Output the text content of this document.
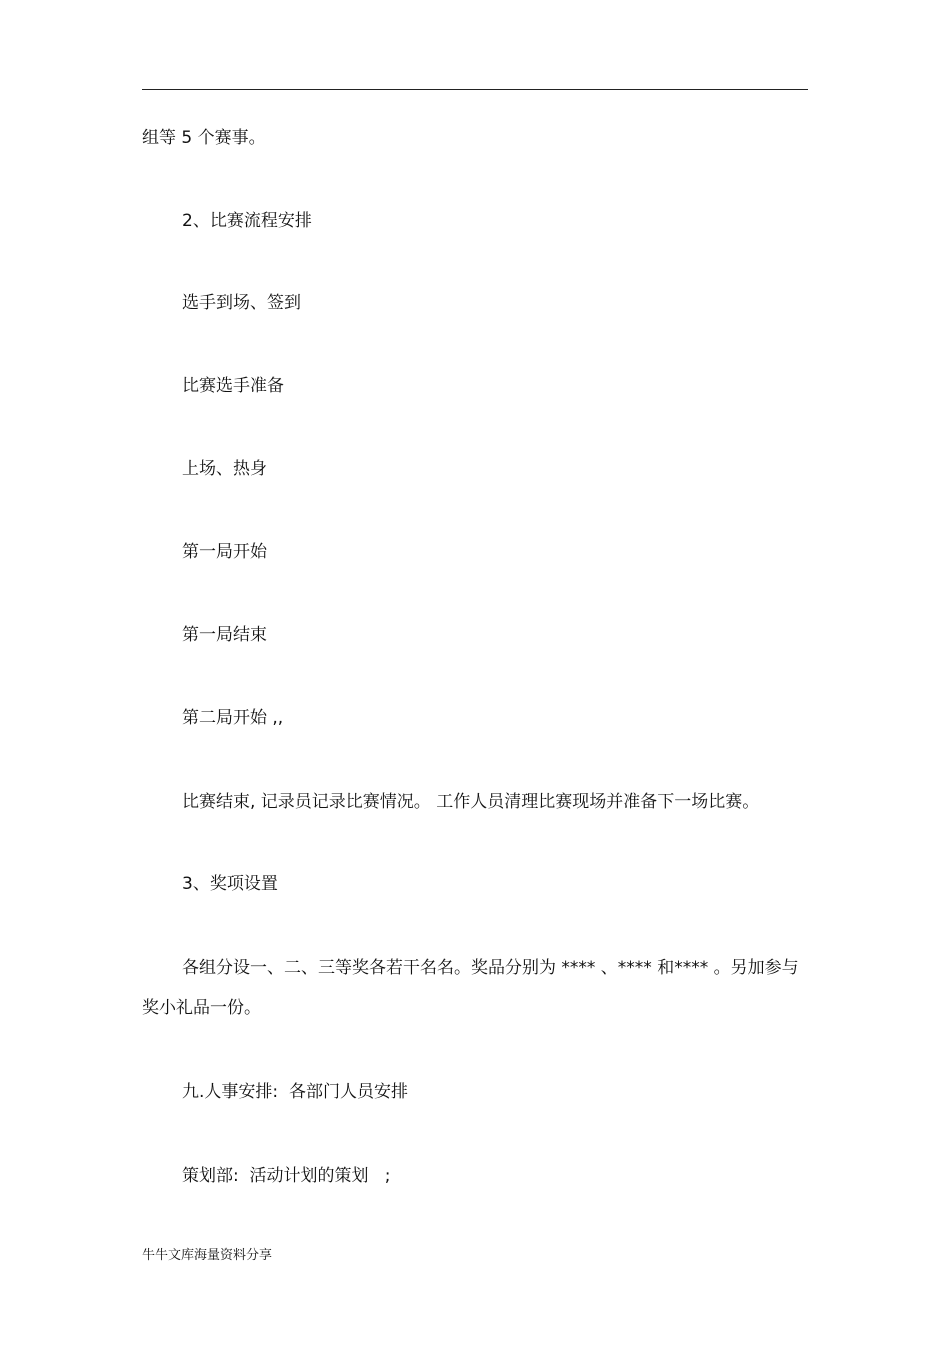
组等 5 个赛事。
2、比赛流程安排
选手到场、签到
比赛选手准备
上场、热身
第一局开始
第一局结束
第二局开始 ,,
比赛结束, 记录员记录比赛情况。 工作人员清理比赛现场并准备下一场比赛。
3、奖项设置
各组分设一、二、三等奖各若干名名。奖品分别为 **** 、**** 和**** 。另加参与奖小礼品一份。
九.人事安排:  各部门人员安排
策划部:  活动计划的策划   ;
牛牛文库海量资料分享
